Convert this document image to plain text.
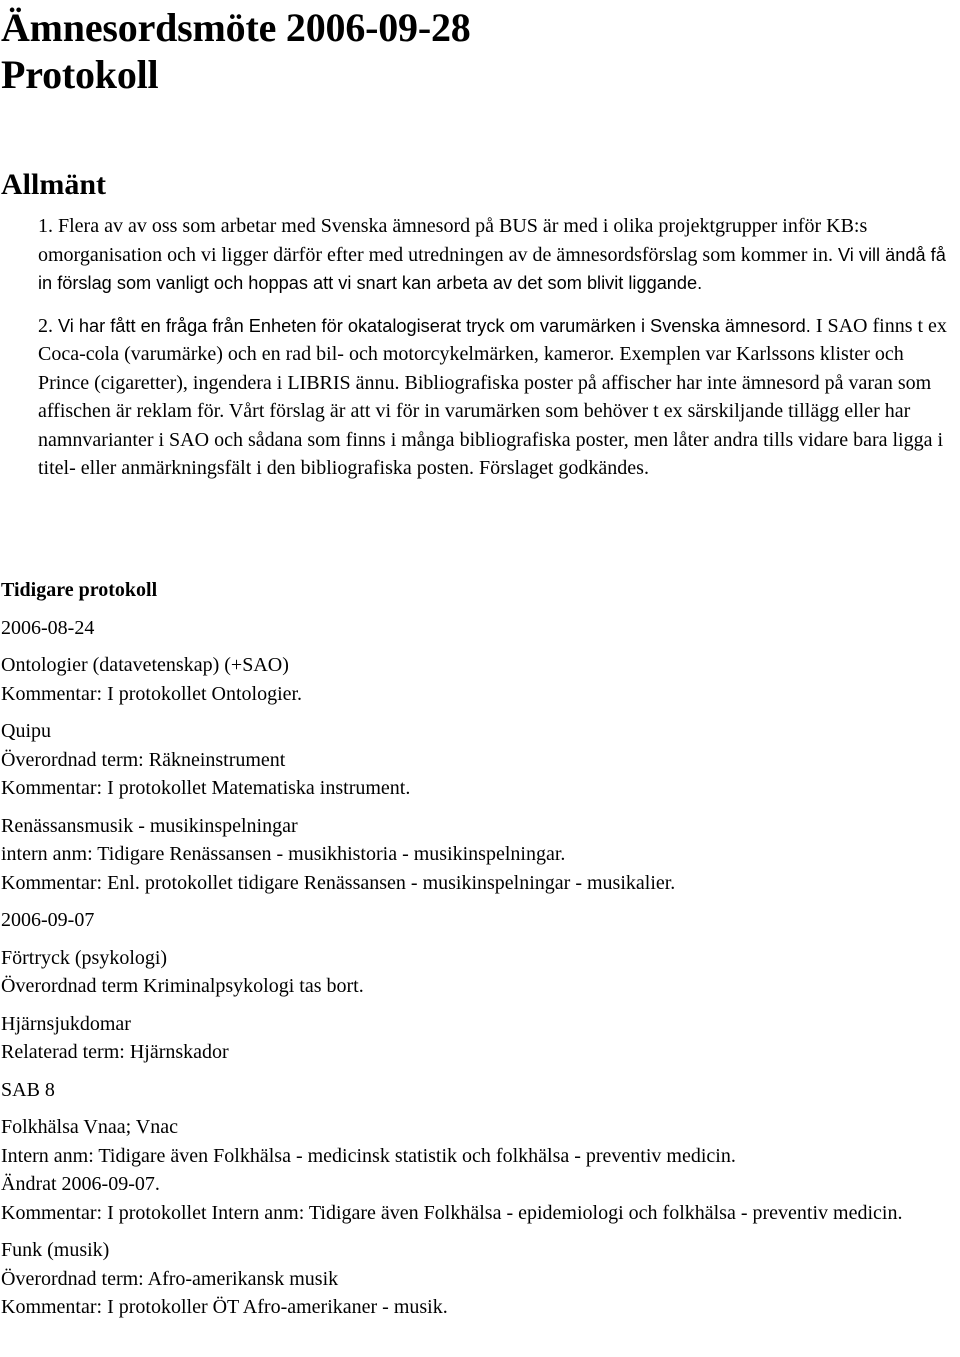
Ämnesordsmöte 2006-09-28
Protokoll
Allmänt
1.
  Flera av av oss som arbetar med Svenska ämnesord på BUS är med i olika projektgrupper inför KB:s omorganisation och vi ligger därför efter med utredningen av de ämnesordsförslag som kommer in. Vi vill ändå få in förslag som vanligt och hoppas att vi snart kan arbeta av det som blivit liggande.
2.
  Vi har fått en fråga från Enheten för okatalogiserat tryck om varumärken i Svenska ämnesord. I SAO finns t ex Coca-cola (varumärke) och en rad bil- och motorcykelmärken, kameror. Exemplen var Karlssons klister och Prince (cigaretter), ingendera i LIBRIS ännu. Bibliografiska poster på affischer har inte ämnesord på varan som affischen är reklam för. Vårt förslag är att vi för in varumärken som behöver t ex särskiljande tillägg eller har namnvarianter i SAO och sådana som finns i många bibliografiska poster, men låter andra tills vidare bara ligga i titel- eller anmärkningsfält i den bibliografiska posten. Förslaget godkändes.

Tidigare protokoll

2006-08-24

Ontologier (datavetenskap) (+SAO)
Kommentar: I protokollet Ontologier.

Quipu
Överordnad term: Räkneinstrument
Kommentar: I protokollet Matematiska instrument.

Renässansmusik - musikinspelningar
intern anm: Tidigare Renässansen - musikhistoria - musikinspelningar.
Kommentar: Enl. protokollet tidigare Renässansen - musikinspelningar - musikalier.

2006-09-07

Förtryck (psykologi)
Överordnad term Kriminalpsykologi tas bort.

Hjärnsjukdomar
Relaterad term: Hjärnskador

SAB 8

Folkhälsa Vnaa; Vnac
Intern anm: Tidigare även Folkhälsa - medicinsk statistik och folkhälsa - preventiv medicin.
Ändrat 2006-09-07.
Kommentar: I protokollet Intern anm: Tidigare även Folkhälsa - epidemiologi och folkhälsa - preventiv medicin.

Funk (musik)
Överordnad term: Afro-amerikansk musik
Kommentar: I protokoller ÖT Afro-amerikaner - musik.
